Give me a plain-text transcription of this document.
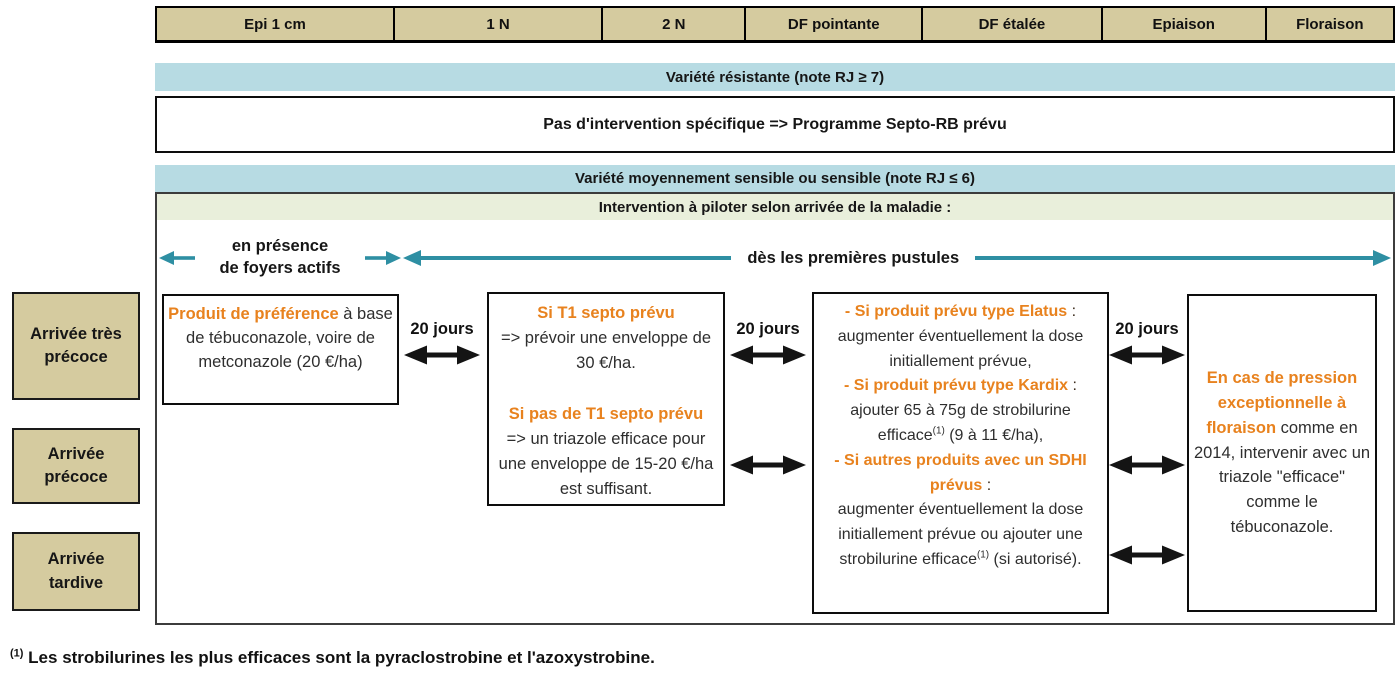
Epi 1 cm	1 N	2 N	DF pointante	DF étalée	Epiaison	Floraison
Variété résistante (note RJ ≥ 7)
Pas d'intervention spécifique => Programme Septo-RB prévu
Variété moyennement sensible ou sensible (note RJ ≤ 6)
Intervention à piloter selon arrivée de la maladie :
en présence
de foyers actifs
dès les premières pustules
Produit de préférence à base de tébuconazole, voire de metconazole (20 €/ha)
20 jours
Si T1 septo prévu
=> prévoir une enveloppe de 30 €/ha.
Si pas de T1 septo prévu
=> un triazole efficace pour une enveloppe de 15-20 €/ha est suffisant.
20 jours
- Si produit prévu type Elatus :
augmenter éventuellement la dose initiallement prévue,
- Si produit prévu type Kardix :
ajouter 65 à 75g de strobilurine efficace$^{(1)}$ (9 à 11 €/ha),
- Si autres produits avec un SDHI prévus :
augmenter éventuellement la dose initiallement prévue ou ajouter une strobilurine efficace$^{(1)}$ (si autorisé).
20 jours
En cas de pression exceptionnelle à floraison comme en 2014, intervenir avec un triazole "efficace" comme le tébuconazole.
Arrivée très précoce
Arrivée précoce
Arrivée tardive
$^{(1)}$ Les strobilurines les plus efficaces sont la pyraclostrobine et l'azoxystrobine.
